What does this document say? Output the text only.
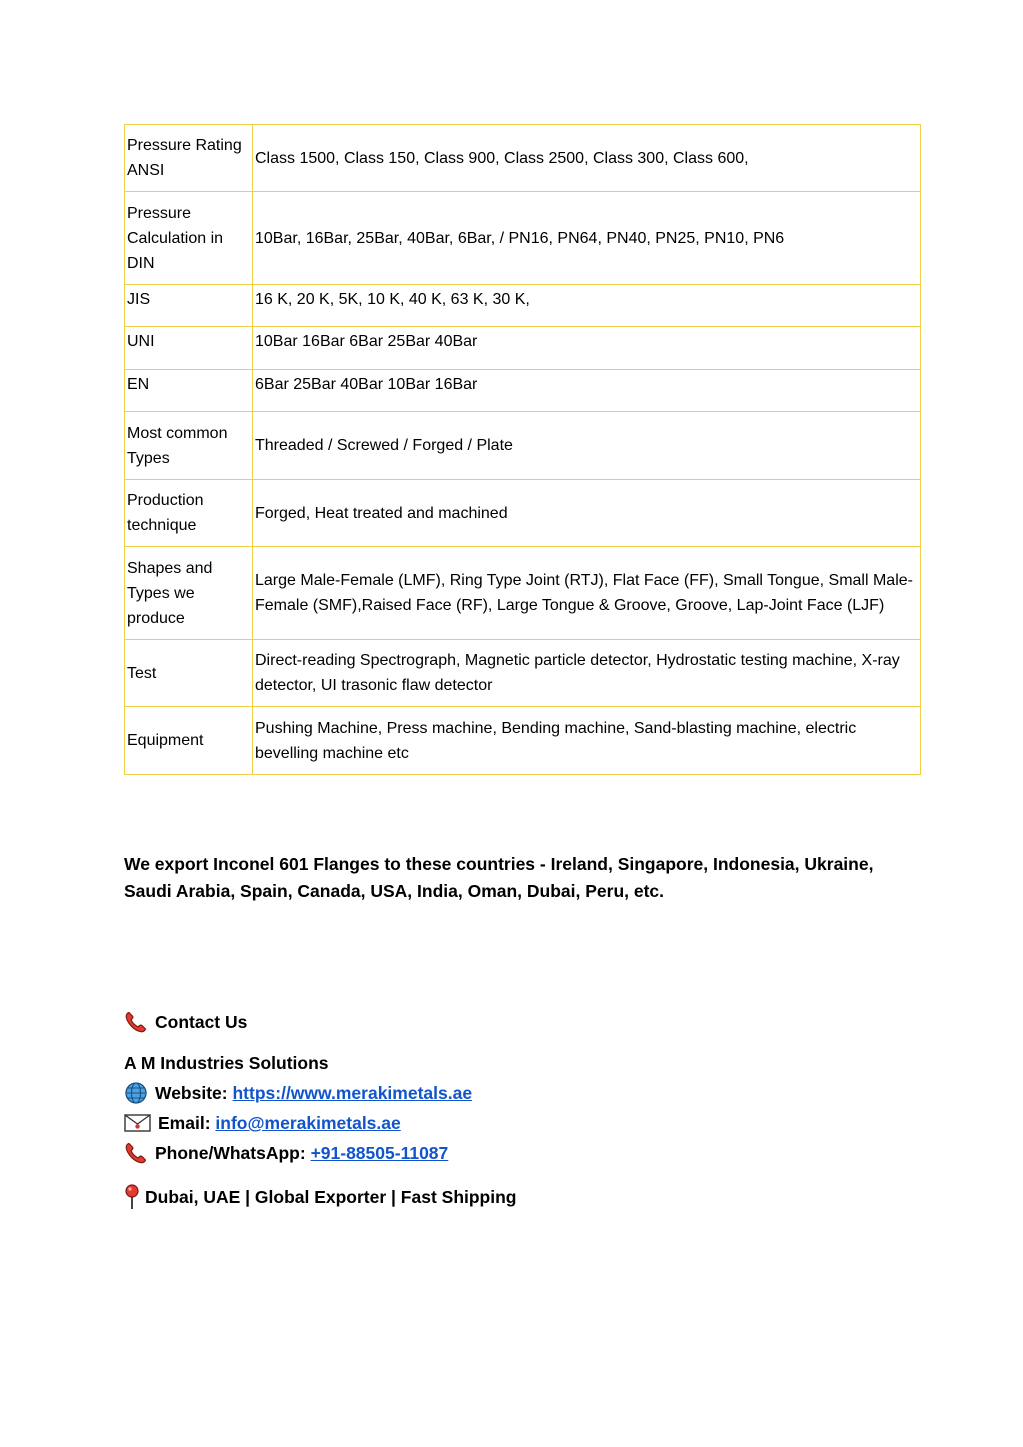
Pressure Rating ANSI	Class 1500, Class 150, Class 900, Class 2500, Class 300, Class 600,
Pressure Calculation in DIN	10Bar, 16Bar, 25Bar, 40Bar, 6Bar, / PN16, PN64, PN40, PN25, PN10, PN6
JIS	16 K, 20 K, 5K, 10 K, 40 K, 63 K, 30 K,
UNI	10Bar 16Bar 6Bar 25Bar 40Bar
EN	6Bar 25Bar 40Bar 10Bar 16Bar
Most common Types	Threaded / Screwed / Forged / Plate
Production technique	Forged, Heat treated and machined
Shapes and Types we produce	Large Male-Female (LMF), Ring Type Joint (RTJ), Flat Face (FF), Small Tongue, Small Male-Female (SMF),Raised Face (RF), Large Tongue & Groove, Groove, Lap-Joint Face (LJF)
Test	Direct-reading Spectrograph, Magnetic particle detector, Hydrostatic testing machine, X-ray detector, UI trasonic flaw detector
Equipment	Pushing Machine, Press machine, Bending machine, Sand-blasting machine, electric bevelling machine etc

We export Inconel 601 Flanges to these countries - Ireland, Singapore, Indonesia, Ukraine, Saudi Arabia, Spain, Canada, USA, India, Oman, Dubai, Peru, etc.

Contact Us
A M Industries Solutions
Website:
https://www.merakimetals.ae
Email:
info@merakimetals.ae
Phone/WhatsApp:
+91-88505-11087
Dubai, UAE | Global Exporter | Fast Shipping
